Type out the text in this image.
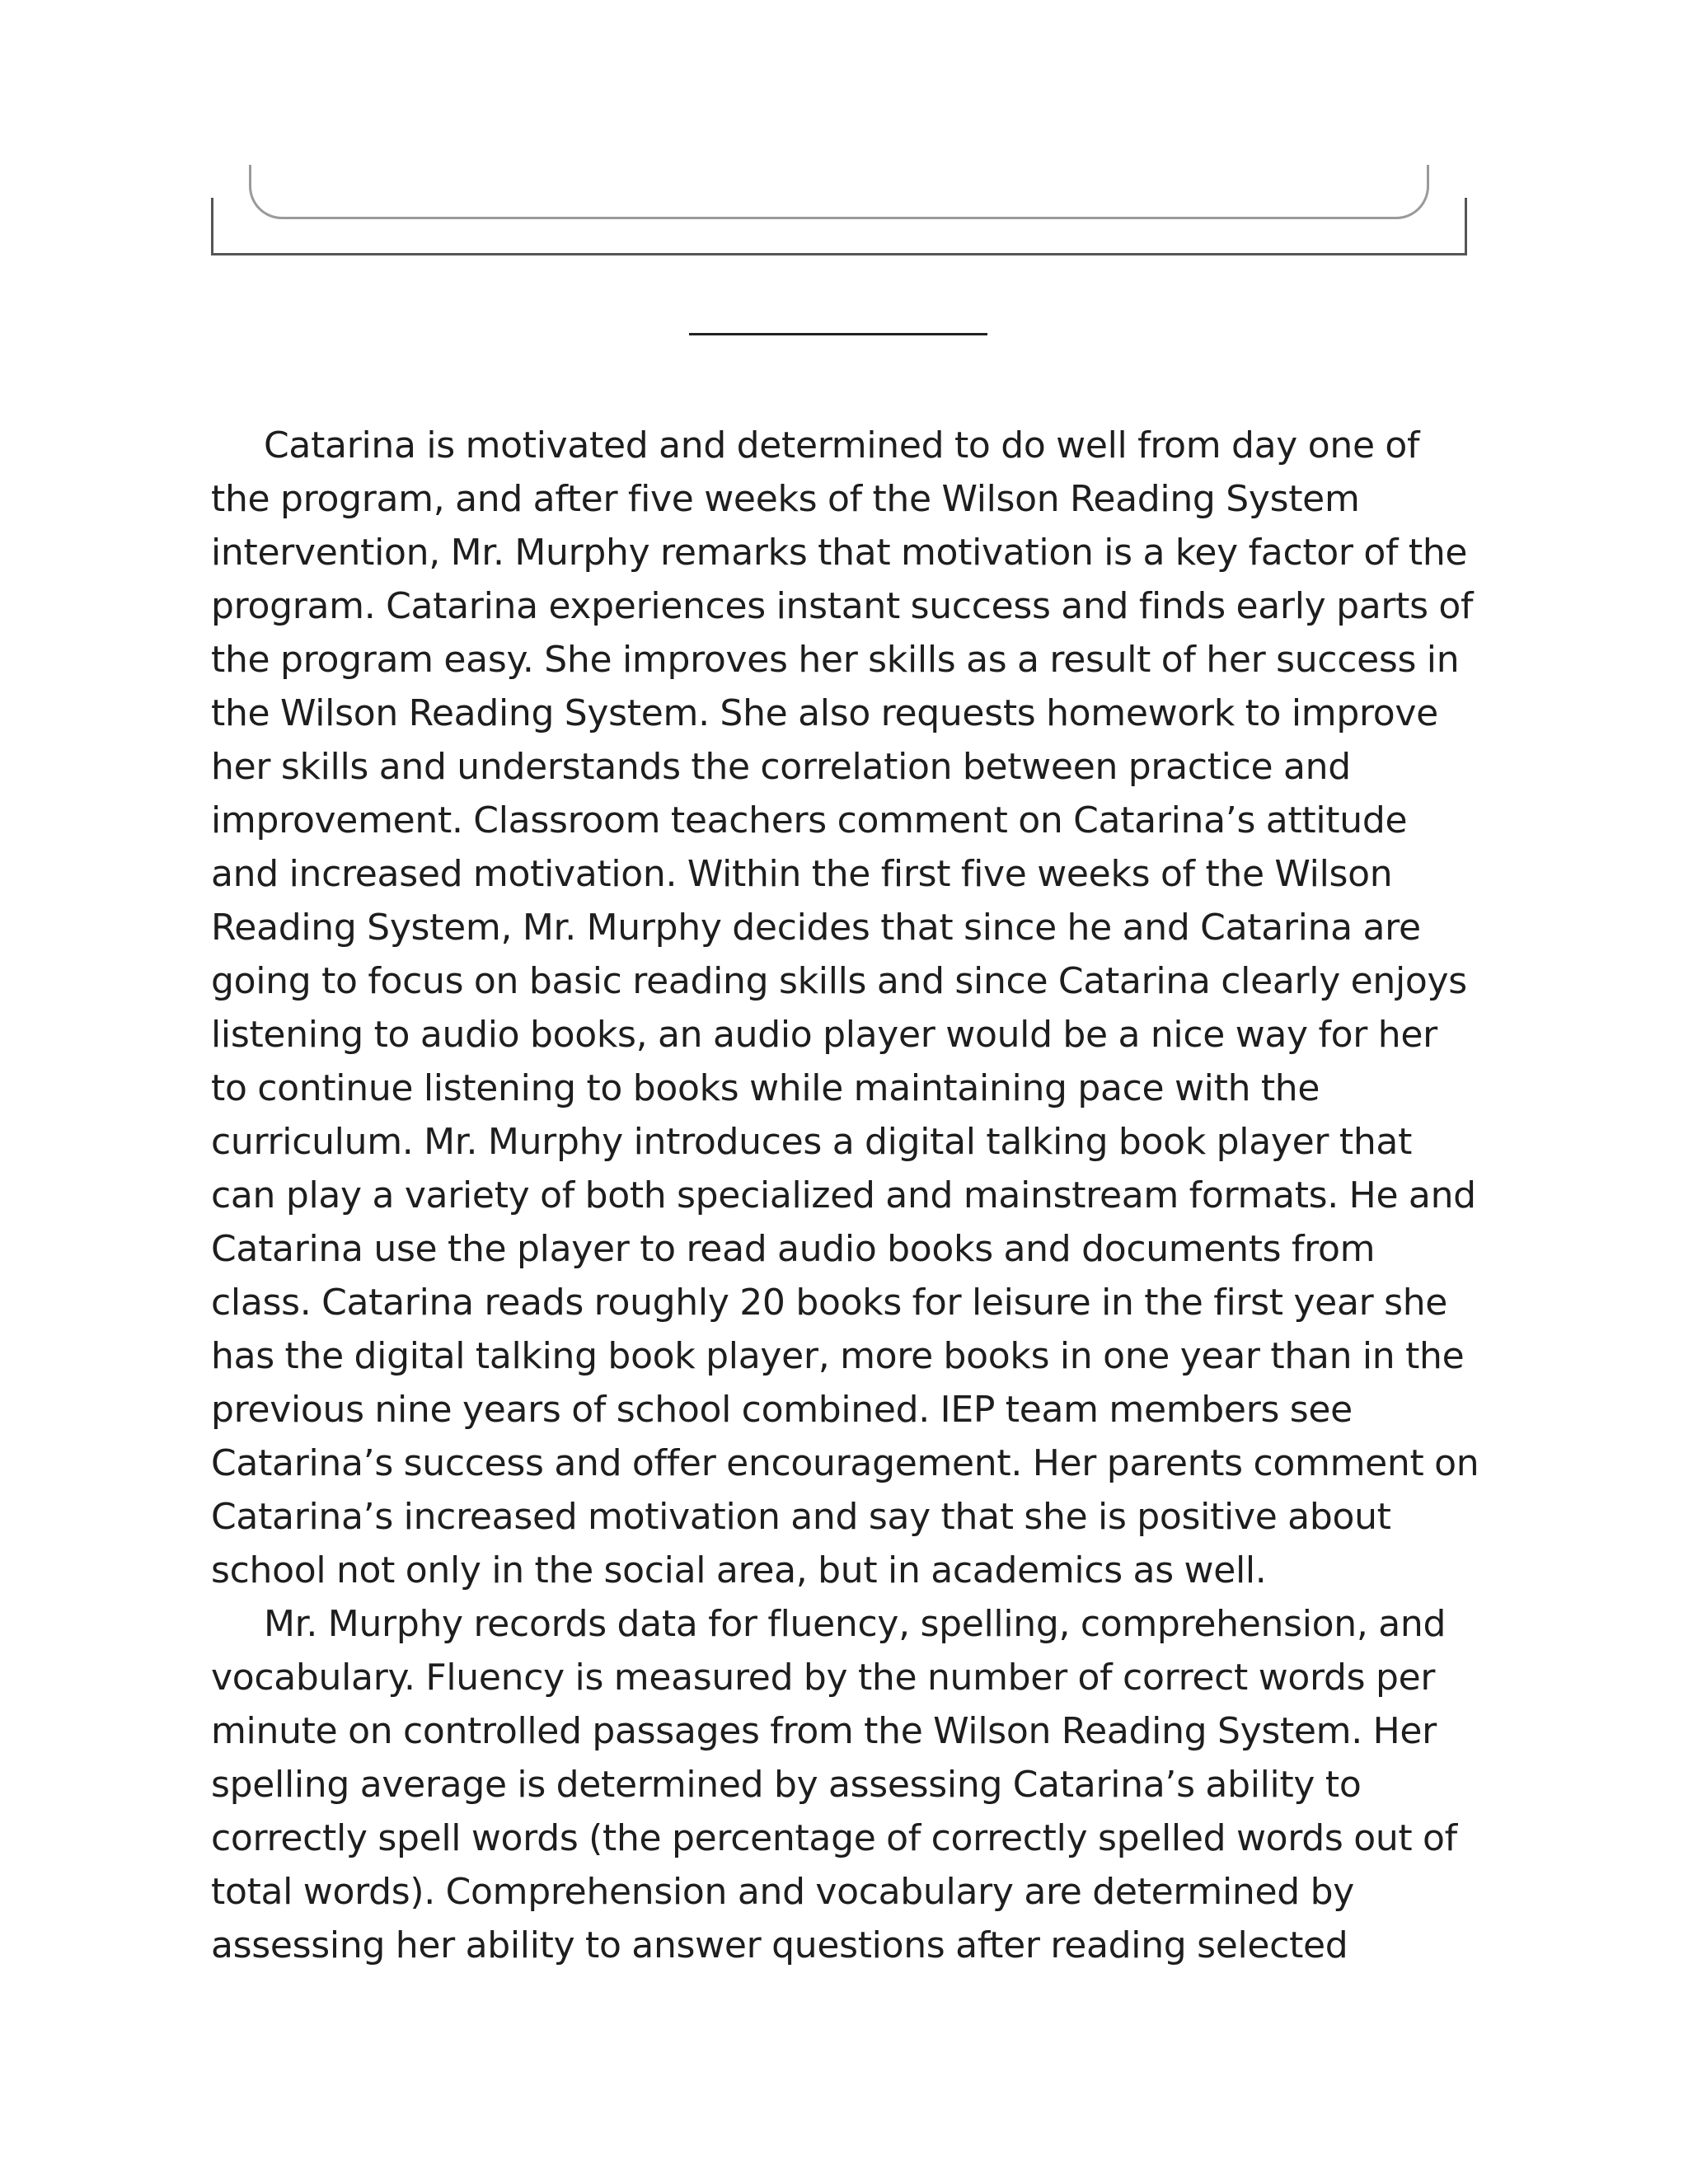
Catarina is motivated and determined to do well from day one of the program, and after five weeks of the Wilson Reading System intervention, Mr. Murphy remarks that motivation is a key factor of the program. Catarina experiences instant success and finds early parts of the program easy. She improves her skills as a result of her success in the Wilson Reading System. She also requests homework to improve her skills and understands the correlation between practice and improvement. Classroom teachers comment on Catarina’s attitude and increased motivation. Within the first five weeks of the Wilson Reading System, Mr. Murphy decides that since he and Catarina are going to focus on basic reading skills and since Catarina clearly enjoys listening to audio books, an audio player would be a nice way for her to continue listening to books while maintaining pace with the curriculum. Mr. Murphy introduces a digital talking book player that can play a variety of both specialized and mainstream formats. He and Catarina use the player to read audio books and documents from class. Catarina reads roughly 20 books for leisure in the first year she has the digital talking book player, more books in one year than in the previous nine years of school combined. IEP team members see Catarina’s success and offer encouragement. Her parents comment on Catarina’s increased motivation and say that she is positive about school not only in the social area, but in academics as well.

Mr. Murphy records data for fluency, spelling, comprehension, and vocabulary. Fluency is measured by the number of correct words per minute on controlled passages from the Wilson Reading System. Her spelling average is determined by assessing Catarina’s ability to correctly spell words (the percentage of correctly spelled words out of total words). Comprehension and vocabulary are determined by assessing her ability to answer questions after reading selected
